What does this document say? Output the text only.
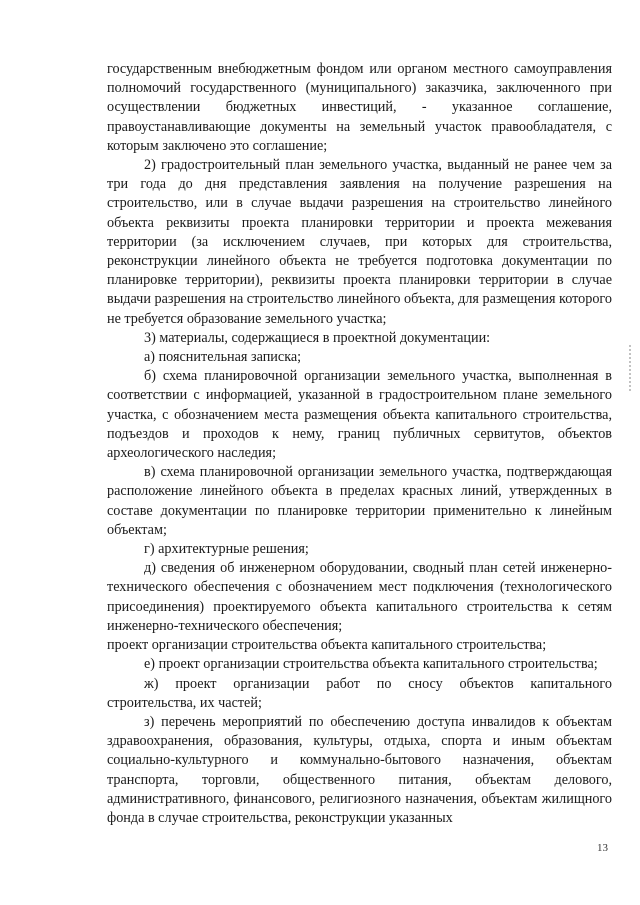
государственным внебюджетным фондом или органом местного самоуправления полномочий государственного (муниципального) заказчика, заключенного при осуществлении бюджетных инвестиций, - указанное соглашение, правоустанавливающие документы на земельный участок правообладателя, с которым заключено это соглашение;

2) градостроительный план земельного участка, выданный не ранее чем за три года до дня представления заявления на получение разрешения на строительство, или в случае выдачи разрешения на строительство линейного объекта реквизиты проекта планировки территории и проекта межевания территории (за исключением случаев, при которых для строительства, реконструкции линейного объекта не требуется подготовка документации по планировке территории), реквизиты проекта планировки территории в случае выдачи разрешения на строительство линейного объекта, для размещения которого не требуется образование земельного участка;

3) материалы, содержащиеся в проектной документации:

а) пояснительная записка;

б) схема планировочной организации земельного участка, выполненная в соответствии с информацией, указанной в градостроительном плане земельного участка, с обозначением места размещения объекта капитального строительства, подъездов и проходов к нему, границ публичных сервитутов, объектов археологического наследия;

в) схема планировочной организации земельного участка, подтверждающая расположение линейного объекта в пределах красных линий, утвержденных в составе документации по планировке территории применительно к линейным объектам;

г) архитектурные решения;

д) сведения об инженерном оборудовании, сводный план сетей инженерно-технического обеспечения с обозначением мест подключения (технологического присоединения) проектируемого объекта капитального строительства к сетям инженерно-технического обеспечения;

проект организации строительства объекта капитального строительства;

е) проект организации строительства объекта капитального строительства;

ж) проект организации работ по сносу объектов капитального строительства, их частей;

з) перечень мероприятий по обеспечению доступа инвалидов к объектам здравоохранения, образования, культуры, отдыха, спорта и иным объектам социально-культурного и коммунально-бытового назначения, объектам транспорта, торговли, общественного питания, объектам делового, административного, финансового, религиозного назначения, объектам жилищного фонда в случае строительства, реконструкции указанных

13
